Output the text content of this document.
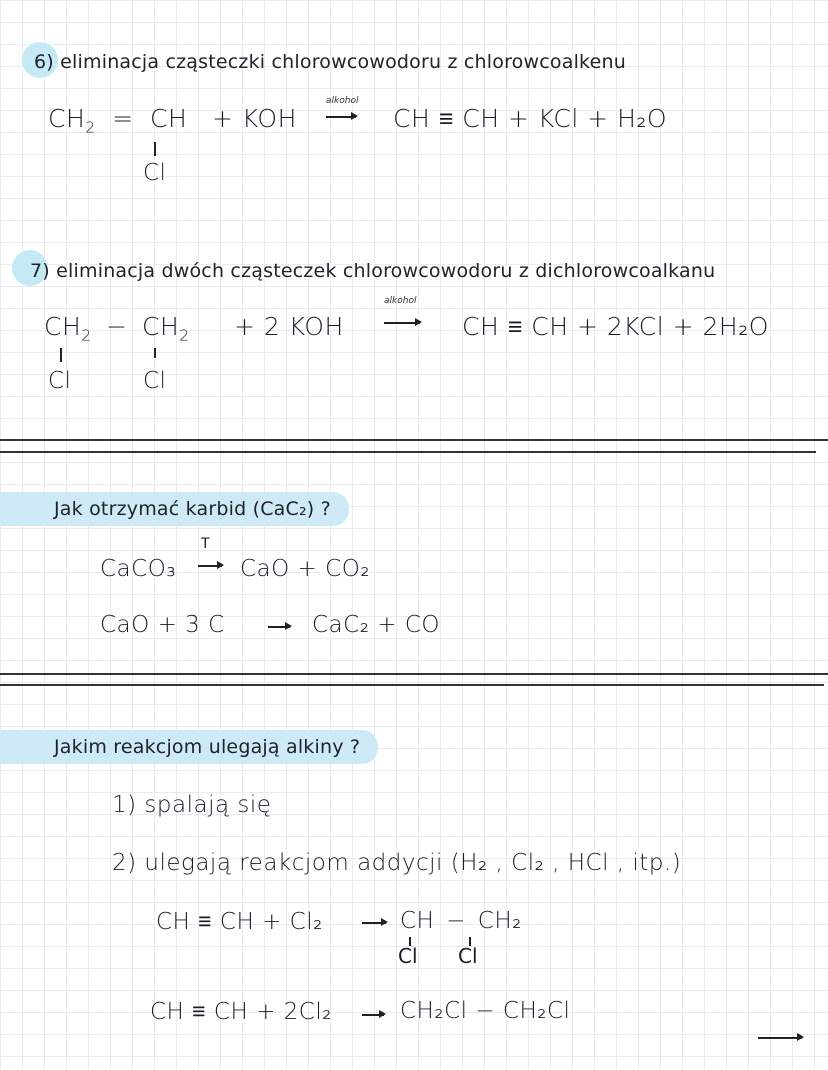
6) eliminacja cząsteczki chlorowcowodoru z chlorowcoalkenu
$CH_2$ = CH
Cl
+ KOH
alkohol
CH ≡ CH + KCl + H₂O
7) eliminacja dwóch cząsteczek chlorowcowodoru z dichlorowcoalkanu
$CH_2 - CH_2$
Cl	Cl
+ 2 KOH
alkohol
CH ≡ CH + 2KCl + 2H₂O
Jak otrzymać karbid (CaC₂) ?
CaCO₃
T
CaO + CO₂
CaO + 3 C	CaC₂ + CO
Jakim reakcjom ulegają alkiny ?
1) spalają się
2) ulegają reakcjom addycji (H₂ , Cl₂ , HCl , itp.)
CH ≡ CH + Cl₂	CH − CH₂
Cl Cl
CH ≡ CH + 2Cl₂	CH₂Cl − CH₂Cl
